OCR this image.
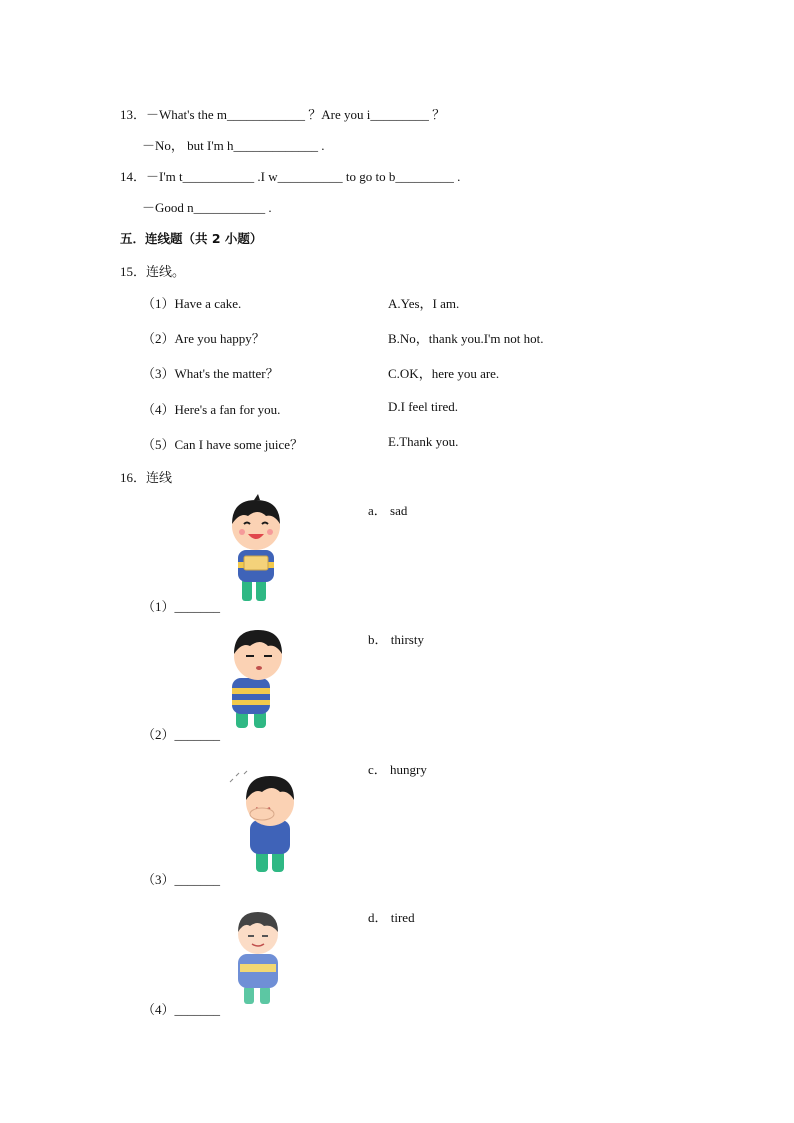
13．－What's the m____________ ？Are you i_________ ？
－No， but I'm h_____________ .
14．－I'm t___________ .I w__________ to go to b_________ .
－Good n___________ .
五．连线题（共 2 小题）
15．连线。
（1）Have a cake.
（2）Are you happy？
（3）What's the matter？
（4）Here's a fan for you.
（5）Can I have some juice？
A.Yes，I am.
B.No，thank you.I'm not hot.
C.OK，here you are.
D.I feel tired.
E.Thank you.
16．连线
a． sad
b． thirsty
c． hungry
d． tired
（1）_______
（2）_______
（3）_______
（4）_______
